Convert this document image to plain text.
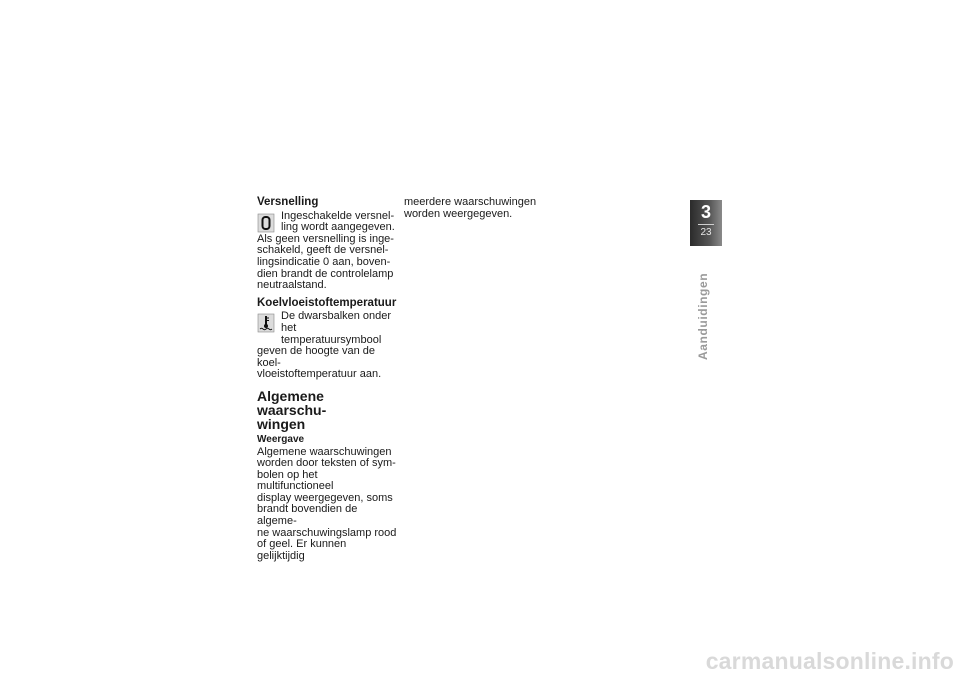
Versnelling
Ingeschakelde versnel-
ling wordt aangegeven.
Als geen versnelling is inge-
schakeld, geeft de versnel-
lingsindicatie 0 aan, boven-
dien brandt de controlelamp
neutraalstand.
Koelvloeistoftemperatuur
De dwarsbalken onder
het temperatuursymbool
geven de hoogte van de koel-
vloeistoftemperatuur aan.
Algemene waarschu-
wingen
Weergave
Algemene waarschuwingen
worden door teksten of sym-
bolen op het multifunctioneel
display weergegeven, soms
brandt bovendien de algeme-
ne waarschuwingslamp rood
of geel. Er kunnen gelijktijdig
meerdere waarschuwingen
worden weergegeven.	3
23
Aanduidingen
carmanualsonline.info
